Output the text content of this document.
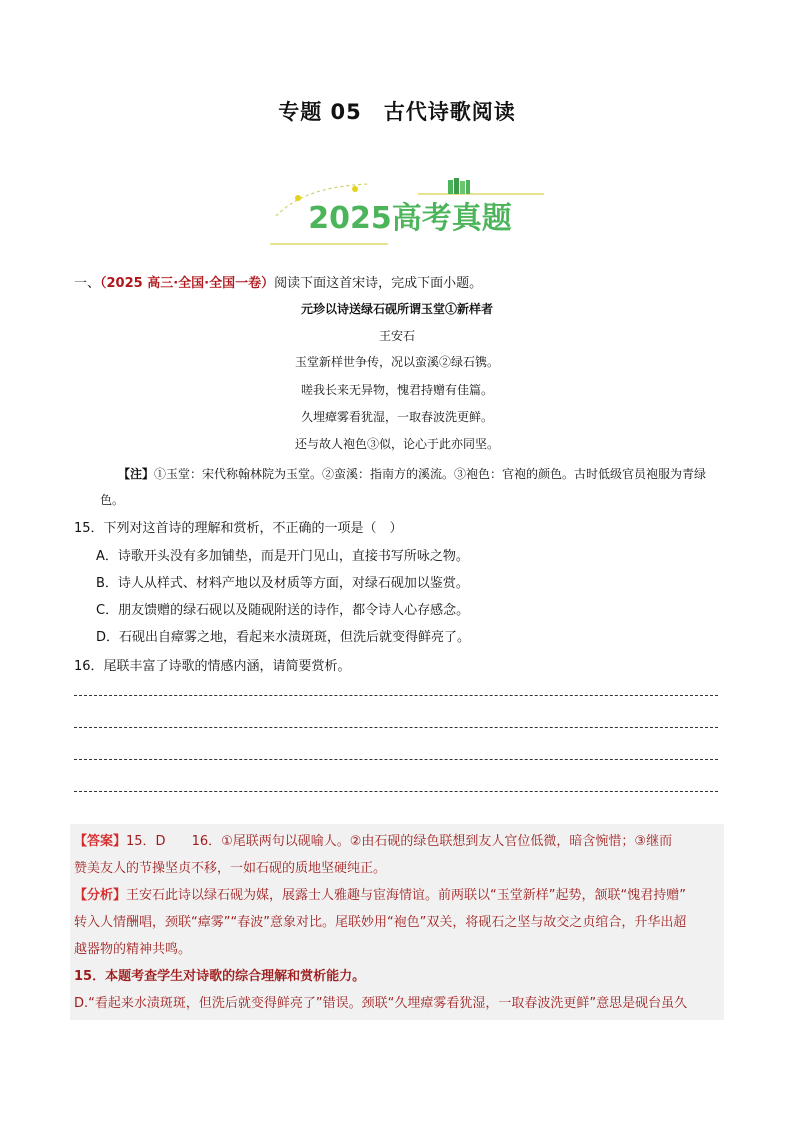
专题 05　古代诗歌阅读
2025高考真题
一、（2025 高三·全国·全国一卷）阅读下面这首宋诗，完成下面小题。
元珍以诗送绿石砚所谓玉堂①新样者
王安石
玉堂新样世争传，况以蛮溪②绿石镌。
嗟我长来无异物，愧君持赠有佳篇。
久埋瘴雾看犹湿，一取春波洗更鲜。
还与故人袍色③似，论心于此亦同坚。
【注】①玉堂：宋代称翰林院为玉堂。②蛮溪：指南方的溪流。③袍色：官袍的颜色。古时低级官员袍服为青绿色。
15．下列对这首诗的理解和赏析，不正确的一项是（　）
A．诗歌开头没有多加铺垫，而是开门见山，直接书写所咏之物。
B．诗人从样式、材料产地以及材质等方面，对绿石砚加以鉴赏。
C．朋友馈赠的绿石砚以及随砚附送的诗作，都令诗人心存感念。
D．石砚出自瘴雾之地，看起来水渍斑斑，但洗后就变得鲜亮了。
16．尾联丰富了诗歌的情感内涵，请简要赏析。
【答案】15．D　　16．①尾联两句以砚喻人。②由石砚的绿色联想到友人官位低微，暗含惋惜；③继而
赞美友人的节操坚贞不移，一如石砚的质地坚硬纯正。
【分析】王安石此诗以绿石砚为媒，展露士人雅趣与宦海情谊。前两联以“玉堂新样”起势，颔联“愧君持赠”
转入人情酬唱，颈联“瘴雾”“春波”意象对比。尾联妙用“袍色”双关，将砚石之坚与故交之贞绾合，升华出超
越器物的精神共鸣。
15．本题考查学生对诗歌的综合理解和赏析能力。
D.“看起来水渍斑斑，但洗后就变得鲜亮了”错误。颈联“久埋瘴雾看犹湿，一取春波洗更鲜”意思是砚台虽久
